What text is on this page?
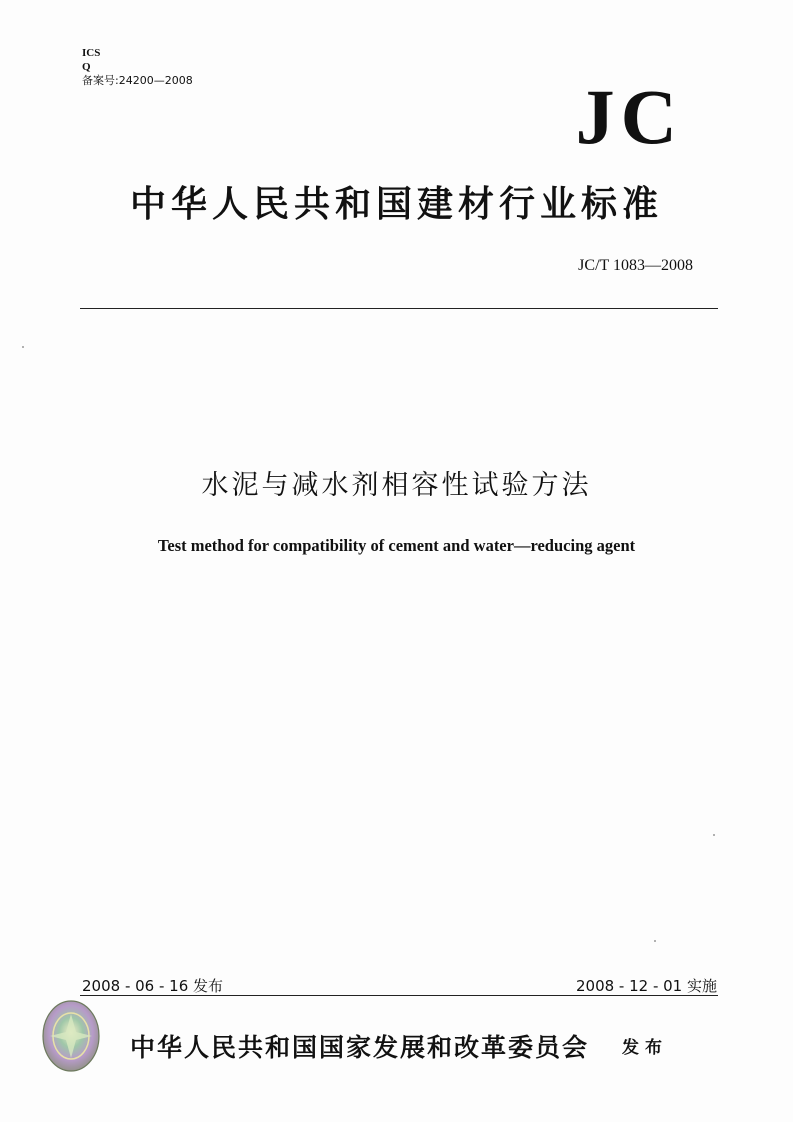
ICS
Q
备案号:24200—2008	JC
中华人民共和国建材行业标准
JC/T 1083—2008
水泥与减水剂相容性试验方法
Test method for compatibility of cement and water—reducing agent
2008 - 06 - 16 发布	2008 - 12 - 01 实施
中华人民共和国国家发展和改革委员会 发布
